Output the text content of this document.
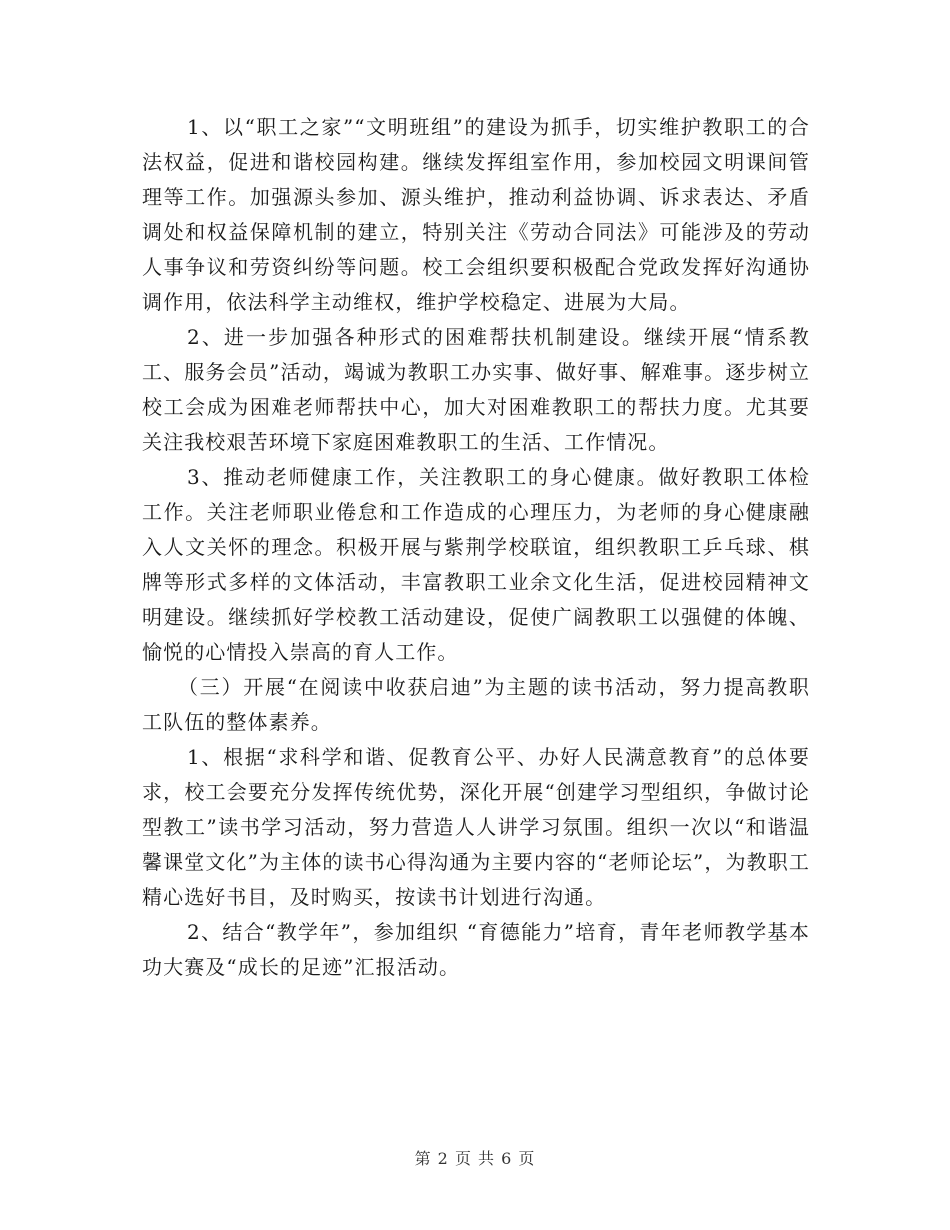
1、以“职工之家”“文明班组”的建设为抓手，切实维护教职工的合法权益，促进和谐校园构建。继续发挥组室作用，参加校园文明课间管理等工作。加强源头参加、源头维护，推动利益协调、诉求表达、矛盾调处和权益保障机制的建立，特别关注《劳动合同法》可能涉及的劳动人事争议和劳资纠纷等问题。校工会组织要积极配合党政发挥好沟通协调作用，依法科学主动维权，维护学校稳定、进展为大局。

2、进一步加强各种形式的困难帮扶机制建设。继续开展“情系教工、服务会员”活动，竭诚为教职工办实事、做好事、解难事。逐步树立校工会成为困难老师帮扶中心，加大对困难教职工的帮扶力度。尤其要关注我校艰苦环境下家庭困难教职工的生活、工作情况。

3、推动老师健康工作，关注教职工的身心健康。做好教职工体检工作。关注老师职业倦怠和工作造成的心理压力，为老师的身心健康融入人文关怀的理念。积极开展与紫荆学校联谊，组织教职工乒乓球、棋牌等形式多样的文体活动，丰富教职工业余文化生活，促进校园精神文明建设。继续抓好学校教工活动建设，促使广阔教职工以强健的体魄、愉悦的心情投入崇高的育人工作。

（三）开展“在阅读中收获启迪”为主题的读书活动，努力提高教职工队伍的整体素养。

1、根据“求科学和谐、促教育公平、办好人民满意教育”的总体要求，校工会要充分发挥传统优势，深化开展“创建学习型组织，争做讨论型教工”读书学习活动，努力营造人人讲学习氛围。组织一次以“和谐温馨课堂文化”为主体的读书心得沟通为主要内容的“老师论坛”，为教职工精心选好书目，及时购买，按读书计划进行沟通。

2、结合“教学年”，参加组织 “育德能力”培育，青年老师教学基本功大赛及“成长的足迹”汇报活动。

第 2 页 共 6 页
